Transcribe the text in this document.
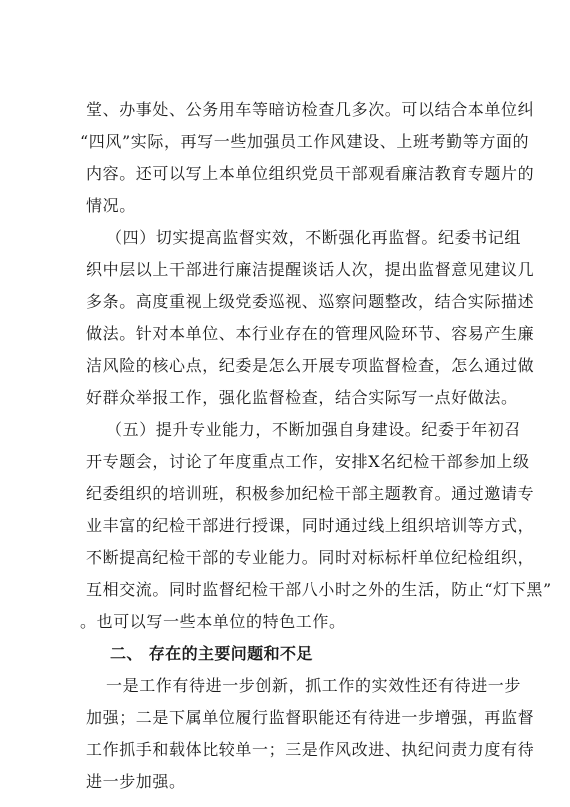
堂、办事处、公务用车等暗访检查几多次。可以结合本单位纠
“四风”实际，再写一些加强员工作风建设、上班考勤等方面的
内容。还可以写上本单位组织党员干部观看廉洁教育专题片的
情况。
（四）切实提高监督实效，不断强化再监督。纪委书记组
织中层以上干部进行廉洁提醒谈话人次，提出监督意见建议几
多条。高度重视上级党委巡视、巡察问题整改，结合实际描述
做法。针对本单位、本行业存在的管理风险环节、容易产生廉
洁风险的核心点，纪委是怎么开展专项监督检查，怎么通过做
好群众举报工作，强化监督检查，结合实际写一点好做法。
（五）提升专业能力，不断加强自身建设。纪委于年初召
开专题会，讨论了年度重点工作，安排X名纪检干部参加上级
纪委组织的培训班，积极参加纪检干部主题教育。通过邀请专
业丰富的纪检干部进行授课，同时通过线上组织培训等方式，
不断提高纪检干部的专业能力。同时对标标杆单位纪检组织，
互相交流。同时监督纪检干部八小时之外的生活，防止“灯下黑”
。也可以写一些本单位的特色工作。
二、 存在的主要问题和不足
一是工作有待进一步创新，抓工作的实效性还有待进一步
加强；二是下属单位履行监督职能还有待进一步增强，再监督
工作抓手和载体比较单一；三是作风改进、执纪问责力度有待
进一步加强。
